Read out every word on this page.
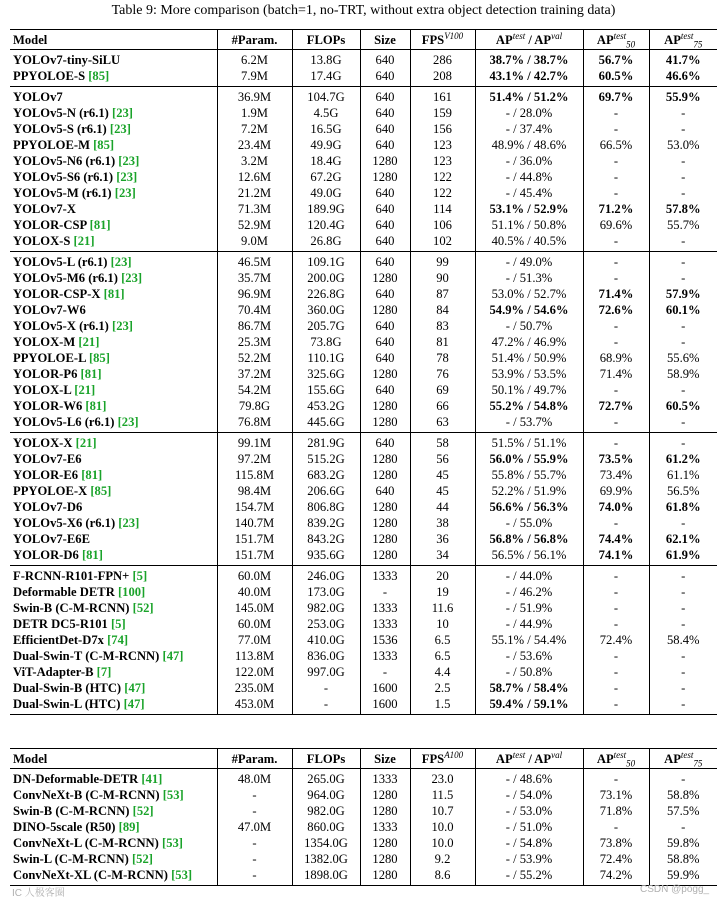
Table 9: More comparison (batch=1, no-TRT, without extra object detection training data)
Model	#Param.	FLOPs	Size	$FPS^{V100}$	$AP^{test} / AP^{val}$	$AP^{test}_{50}$	$AP^{test}_{75}$
YOLOv7-tiny-SiLU	6.2M	13.8G	640	286	38.7% / 38.7%	56.7%	41.7%
PPYOLOE-S [85]	7.9M	17.4G	640	208	43.1% / 42.7%	60.5%	46.6%
YOLOv7	36.9M	104.7G	640	161	51.4% / 51.2%	69.7%	55.9%
YOLOv5-N (r6.1) [23]	1.9M	4.5G	640	159	- / 28.0%	-	-
YOLOv5-S (r6.1) [23]	7.2M	16.5G	640	156	- / 37.4%	-	-
PPYOLOE-M [85]	23.4M	49.9G	640	123	48.9% / 48.6%	66.5%	53.0%
YOLOv5-N6 (r6.1) [23]	3.2M	18.4G	1280	123	- / 36.0%	-	-
YOLOv5-S6 (r6.1) [23]	12.6M	67.2G	1280	122	- / 44.8%	-	-
YOLOv5-M (r6.1) [23]	21.2M	49.0G	640	122	- / 45.4%	-	-
YOLOv7-X	71.3M	189.9G	640	114	53.1% / 52.9%	71.2%	57.8%
YOLOR-CSP [81]	52.9M	120.4G	640	106	51.1% / 50.8%	69.6%	55.7%
YOLOX-S [21]	9.0M	26.8G	640	102	40.5% / 40.5%	-	-
YOLOv5-L (r6.1) [23]	46.5M	109.1G	640	99	- / 49.0%	-	-
YOLOv5-M6 (r6.1) [23]	35.7M	200.0G	1280	90	- / 51.3%	-	-
YOLOR-CSP-X [81]	96.9M	226.8G	640	87	53.0% / 52.7%	71.4%	57.9%
YOLOv7-W6	70.4M	360.0G	1280	84	54.9% / 54.6%	72.6%	60.1%
YOLOv5-X (r6.1) [23]	86.7M	205.7G	640	83	- / 50.7%	-	-
YOLOX-M [21]	25.3M	73.8G	640	81	47.2% / 46.9%	-	-
PPYOLOE-L [85]	52.2M	110.1G	640	78	51.4% / 50.9%	68.9%	55.6%
YOLOR-P6 [81]	37.2M	325.6G	1280	76	53.9% / 53.5%	71.4%	58.9%
YOLOX-L [21]	54.2M	155.6G	640	69	50.1% / 49.7%	-	-
YOLOR-W6 [81]	79.8G	453.2G	1280	66	55.2% / 54.8%	72.7%	60.5%
YOLOv5-L6 (r6.1) [23]	76.8M	445.6G	1280	63	- / 53.7%	-	-
YOLOX-X [21]	99.1M	281.9G	640	58	51.5% / 51.1%	-	-
YOLOv7-E6	97.2M	515.2G	1280	56	56.0% / 55.9%	73.5%	61.2%
YOLOR-E6 [81]	115.8M	683.2G	1280	45	55.8% / 55.7%	73.4%	61.1%
PPYOLOE-X [85]	98.4M	206.6G	640	45	52.2% / 51.9%	69.9%	56.5%
YOLOv7-D6	154.7M	806.8G	1280	44	56.6% / 56.3%	74.0%	61.8%
YOLOv5-X6 (r6.1) [23]	140.7M	839.2G	1280	38	- / 55.0%	-	-
YOLOv7-E6E	151.7M	843.2G	1280	36	56.8% / 56.8%	74.4%	62.1%
YOLOR-D6 [81]	151.7M	935.6G	1280	34	56.5% / 56.1%	74.1%	61.9%
F-RCNN-R101-FPN+ [5]	60.0M	246.0G	1333	20	- / 44.0%	-	-
Deformable DETR [100]	40.0M	173.0G	-	19	- / 46.2%	-	-
Swin-B (C-M-RCNN) [52]	145.0M	982.0G	1333	11.6	- / 51.9%	-	-
DETR DC5-R101 [5]	60.0M	253.0G	1333	10	- / 44.9%	-	-
EfficientDet-D7x [74]	77.0M	410.0G	1536	6.5	55.1% / 54.4%	72.4%	58.4%
Dual-Swin-T (C-M-RCNN) [47]	113.8M	836.0G	1333	6.5	- / 53.6%	-	-
ViT-Adapter-B [7]	122.0M	997.0G	-	4.4	- / 50.8%	-	-
Dual-Swin-B (HTC) [47]	235.0M	-	1600	2.5	58.7% / 58.4%	-	-
Dual-Swin-L (HTC) [47]	453.0M	-	1600	1.5	59.4% / 59.1%	-	-
Model	#Param.	FLOPs	Size	$FPS^{A100}$	$AP^{test} / AP^{val}$	$AP^{test}_{50}$	$AP^{test}_{75}$
DN-Deformable-DETR [41]	48.0M	265.0G	1333	23.0	- / 48.6%	-	-
ConvNeXt-B (C-M-RCNN) [53]	-	964.0G	1280	11.5	- / 54.0%	73.1%	58.8%
Swin-B (C-M-RCNN) [52]	-	982.0G	1280	10.7	- / 53.0%	71.8%	57.5%
DINO-5scale (R50) [89]	47.0M	860.0G	1333	10.0	- / 51.0%	-	-
ConvNeXt-L (C-M-RCNN) [53]	-	1354.0G	1280	10.0	- / 54.8%	73.8%	59.8%
Swin-L (C-M-RCNN) [52]	-	1382.0G	1280	9.2	- / 53.9%	72.4%	58.8%
ConvNeXt-XL (C-M-RCNN) [53]	-	1898.0G	1280	8.6	- / 55.2%	74.2%	59.9%
IC 人极客圈	CSDN @pogg_
